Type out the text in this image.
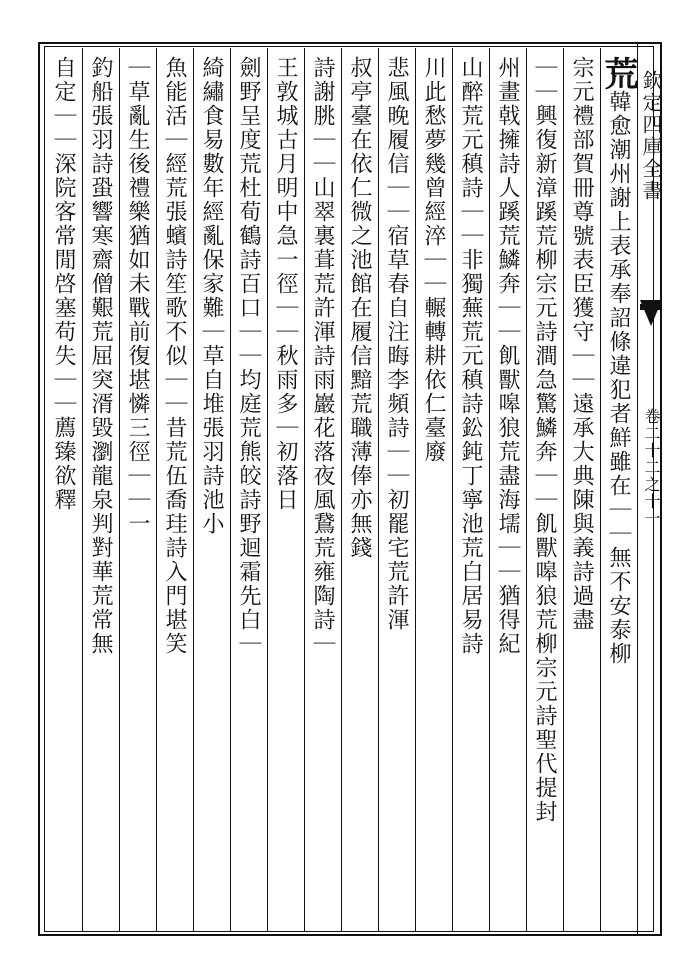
欽定四庫全書
卷二十二之十一
荒韓愈潮州謝上表承奉詔條違犯者鮮雖在｜｜無不安泰柳
宗元禮部賀冊尊號表臣獲守｜｜遠承大典陳與義詩過盡
｜｜興復新漳蹊荒柳宗元詩澗急驚鱗奔｜｜飢獸嗥狼荒柳宗元詩聖代提封
州畫戟擁詩人蹊荒鱗奔｜｜飢獸嗥狼荒盡海壖｜｜猶得紀
山醉荒元稹詩｜｜非獨蕪荒元稹詩鈆鈍丁寧池荒白居易詩
川此愁夢幾曾經淬｜｜輾轉耕依仁臺廢
悲風晚履信｜｜宿草春自注晦李頻詩｜｜初罷宅荒許渾
叔亭臺在依仁微之池館在履信黯荒職薄俸亦無錢
詩謝朓｜｜山翠裏葺荒許渾詩雨巖花落夜風鵞荒雍陶詩｜
王敦城古月明中急一徑｜｜秋雨多｜初落日
劍野呈度荒杜荀鶴詩百口｜｜均庭荒熊皎詩野迴霜先白｜
綺繡食易數年經亂保家難｜草自堆張羽詩池小
魚能活｜經荒張蠙詩笙歌不似｜｜昔荒伍喬珪詩入門堪笑
｜草亂生後禮樂猶如未戰前復堪憐三徑｜｜一
釣船張羽詩蛩響寒齋僧艱荒屈突湑毀瀏龍泉判對華荒常無
自定｜｜深院客常閒啓塞苟失｜｜薦臻欲釋
